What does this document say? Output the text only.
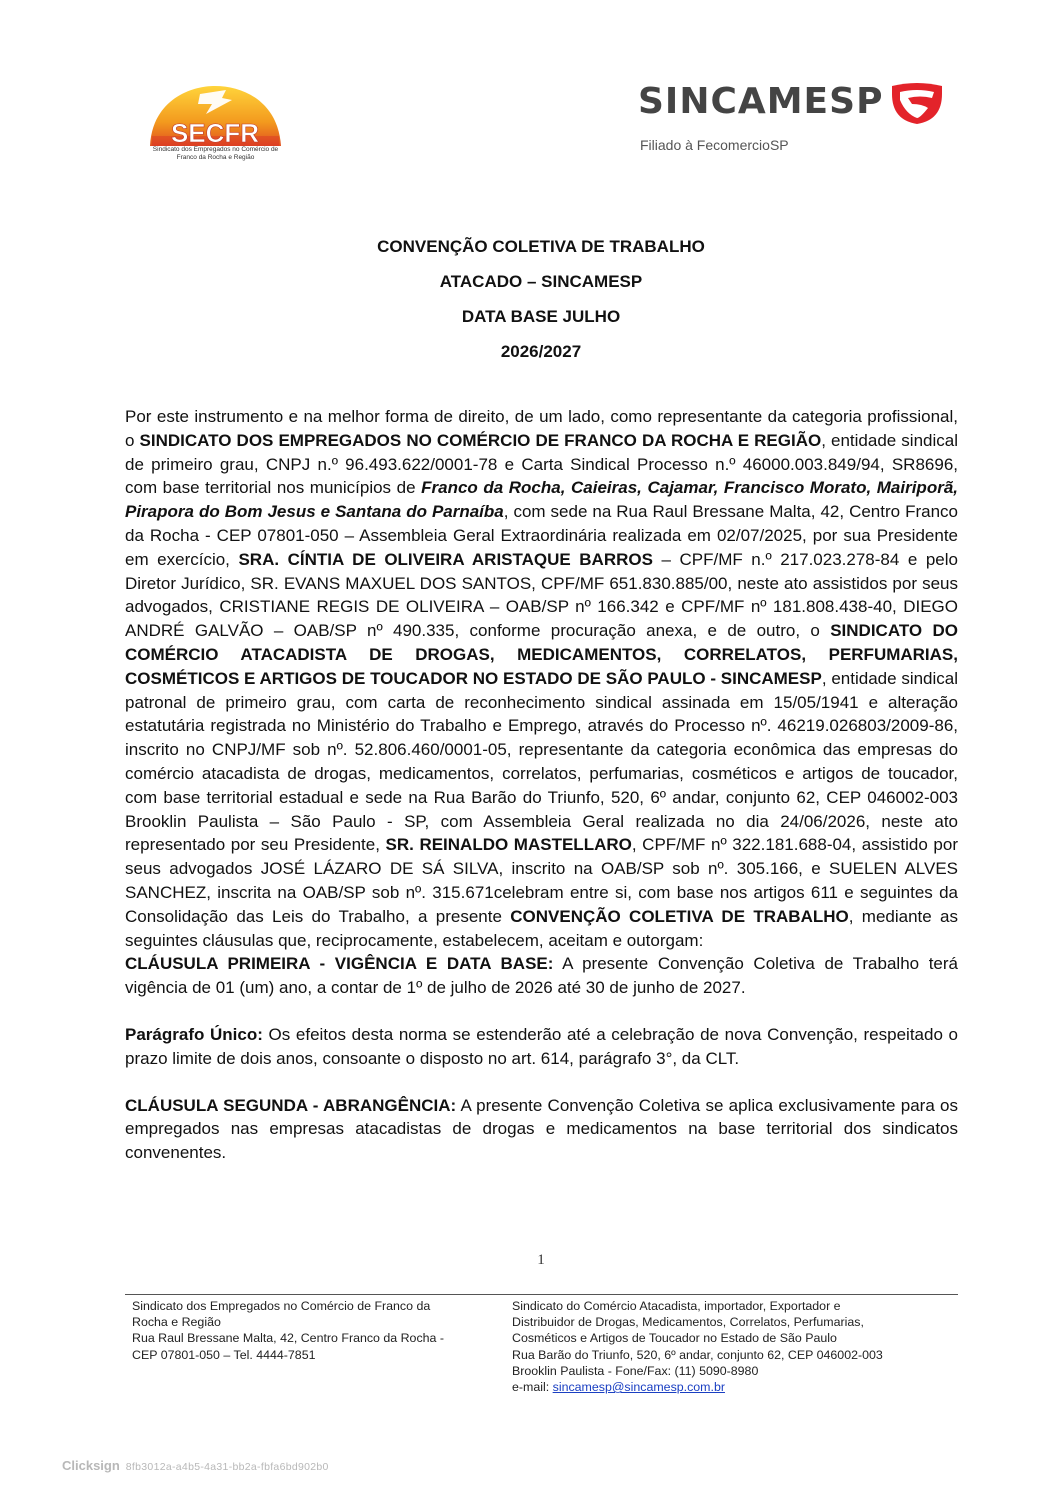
SECFR
Sindicato dos Empregados no Comércio de Franco da Rocha e Região
SINCAMESP
Filiado à FecomercioSP
CONVENÇÃO COLETIVA DE TRABALHO
ATACADO – SINCAMESP
DATA BASE JULHO
2026/2027

Por este instrumento e na melhor forma de direito, de um lado, como representante da categoria profissional, o SINDICATO DOS EMPREGADOS NO COMÉRCIO DE FRANCO DA ROCHA E REGIÃO, entidade sindical de primeiro grau, CNPJ n.º 96.493.622/0001-78 e Carta Sindical Processo n.º 46000.003.849/94, SR8696, com base territorial nos municípios de Franco da Rocha, Caieiras, Cajamar, Francisco Morato, Mairiporã, Pirapora do Bom Jesus e Santana do Parnaíba, com sede na Rua Raul Bressane Malta, 42, Centro Franco da Rocha - CEP 07801-050 – Assembleia Geral Extraordinária realizada em 02/07/2025, por sua Presidente em exercício, SRA. CÍNTIA DE OLIVEIRA ARISTAQUE BARROS – CPF/MF n.º 217.023.278-84 e pelo Diretor Jurídico, SR. EVANS MAXUEL DOS SANTOS, CPF/MF 651.830.885/00, neste ato assistidos por seus advogados, CRISTIANE REGIS DE OLIVEIRA – OAB/SP nº 166.342 e CPF/MF nº 181.808.438-40, DIEGO ANDRÉ GALVÃO – OAB/SP nº 490.335, conforme procuração anexa, e de outro, o SINDICATO DO COMÉRCIO ATACADISTA DE DROGAS, MEDICAMENTOS, CORRELATOS, PERFUMARIAS, COSMÉTICOS E ARTIGOS DE TOUCADOR NO ESTADO DE SÃO PAULO - SINCAMESP, entidade sindical patronal de primeiro grau, com carta de reconhecimento sindical assinada em 15/05/1941 e alteração estatutária registrada no Ministério do Trabalho e Emprego, através do Processo nº. 46219.026803/2009-86, inscrito no CNPJ/MF sob nº. 52.806.460/0001-05, representante da categoria econômica das empresas do comércio atacadista de drogas, medicamentos, correlatos, perfumarias, cosméticos e artigos de toucador, com base territorial estadual e sede na Rua Barão do Triunfo, 520, 6º andar, conjunto 62, CEP 046002-003 Brooklin Paulista – São Paulo - SP, com Assembleia Geral realizada no dia 24/06/2026, neste ato representado por seu Presidente, SR. REINALDO MASTELLARO, CPF/MF nº 322.181.688-04, assistido por seus advogados JOSÉ LÁZARO DE SÁ SILVA, inscrito na OAB/SP sob nº. 305.166, e SUELEN ALVES SANCHEZ, inscrita na OAB/SP sob nº. 315.671celebram entre si, com base nos artigos 611 e seguintes da Consolidação das Leis do Trabalho, a presente CONVENÇÃO COLETIVA DE TRABALHO, mediante as seguintes cláusulas que, reciprocamente, estabelecem, aceitam e outorgam:

CLÁUSULA PRIMEIRA - VIGÊNCIA E DATA BASE: A presente Convenção Coletiva de Trabalho terá vigência de 01 (um) ano, a contar de 1º de julho de 2026 até 30 de junho de 2027.

Parágrafo Único: Os efeitos desta norma se estenderão até a celebração de nova Convenção, respeitado o prazo limite de dois anos, consoante o disposto no art. 614, parágrafo 3°, da CLT.

CLÁUSULA SEGUNDA - ABRANGÊNCIA: A presente Convenção Coletiva se aplica exclusivamente para os empregados nas empresas atacadistas de drogas e medicamentos na base territorial dos sindicatos convenentes.

1
Sindicato dos Empregados no Comércio de Franco da
Rocha e Região
Rua Raul Bressane Malta, 42, Centro Franco da Rocha -
CEP 07801-050 – Tel. 4444-7851
Sindicato do Comércio Atacadista, importador, Exportador e
Distribuidor de Drogas, Medicamentos, Correlatos, Perfumarias,
Cosméticos e Artigos de Toucador no Estado de São Paulo
Rua Barão do Triunfo, 520, 6º andar, conjunto 62, CEP 046002-003
Brooklin Paulista - Fone/Fax: (11) 5090-8980
e-mail: sincamesp@sincamesp.com.br
Clicksign 8fb3012a-a4b5-4a31-bb2a-fbfa6bd902b0
